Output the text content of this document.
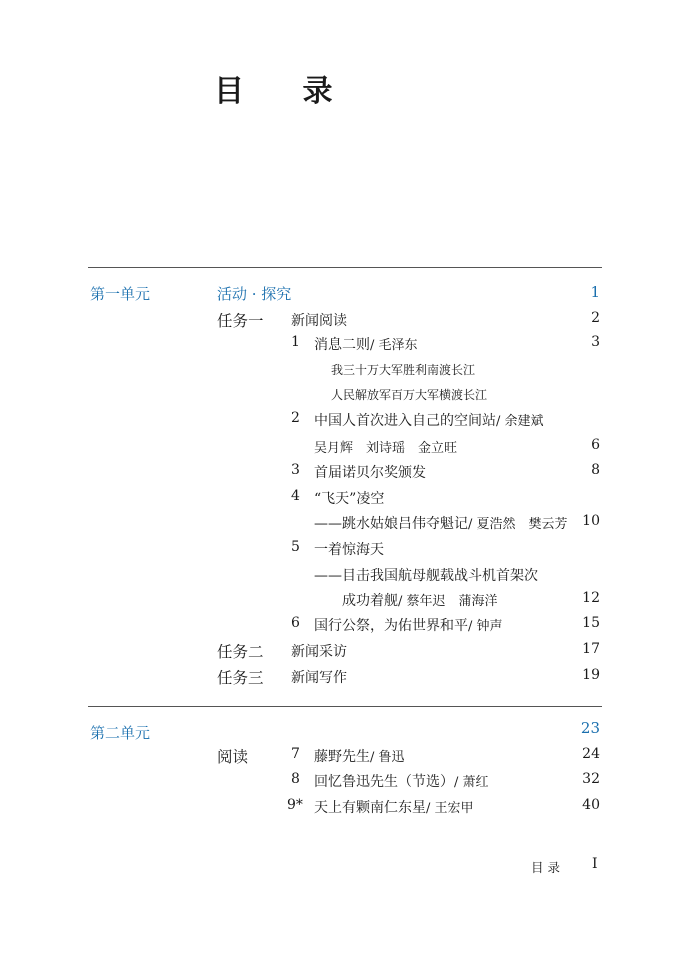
目 录
第一单元	活动 · 探究	1
任务一 新闻阅读	2
1 消息二则/ 毛泽东	3
我三十万大军胜利南渡长江
人民解放军百万大军横渡长江
2 中国人首次进入自己的空间站/ 余建斌
吴月辉　刘诗瑶　金立旺	6
3 首届诺贝尔奖颁发	8
4 “飞天”凌空
——跳水姑娘吕伟夺魁记/ 夏浩然　樊云芳	10
5 一着惊海天
——目击我国航母舰载战斗机首架次
成功着舰/ 蔡年迟　蒲海洋	12
6 国行公祭，为佑世界和平/ 钟声	15
任务二 新闻采访	17
任务三 新闻写作	19
第二单元	23
阅读	7 藤野先生/ 鲁迅	24
8 回忆鲁迅先生（节选）/ 萧红	32
9* 天上有颗南仁东星/ 王宏甲	40
目 录 I
